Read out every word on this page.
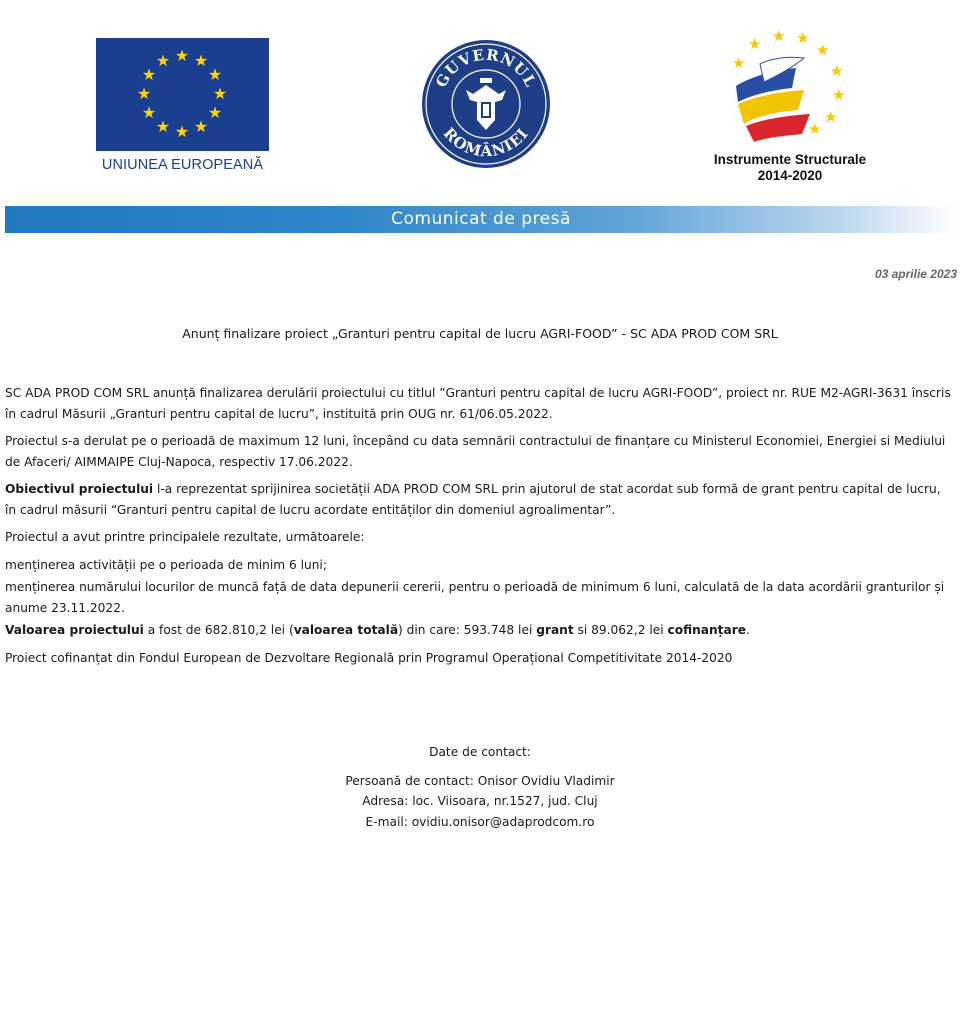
★ ★
★
★
★
★
★
★
★
★
★
★
UNIUNEA EUROPEANĂ
GUVERNUL
ROMÂNIEI
★ ★ ★
★
★
★
★
★
★
Instrumente Structurale
2014-2020
Comunicat de presă
03 aprilie 2023
Anunț finalizare proiect „Granturi pentru capital de lucru AGRI-FOOD” - SC ADA PROD COM SRL

SC ADA PROD COM SRL anunță finalizarea derulării proiectului cu titlul ”Granturi pentru capital de lucru AGRI-FOOD”, proiect nr. RUE M2-AGRI-3631 înscris în cadrul Măsurii „Granturi pentru capital de lucru”, instituită prin OUG nr. 61/06.05.2022.

Proiectul s-a derulat pe o perioadă de maximum 12 luni, începând cu data semnării contractului de finanțare cu Ministerul Economiei, Energiei si Mediului de Afaceri/ AIMMAIPE Cluj-Napoca, respectiv 17.06.2022.

Obiectivul proiectului l-a reprezentat sprijinirea societății ADA PROD COM SRL prin ajutorul de stat acordat sub formă de grant pentru capital de lucru, în cadrul măsurii “Granturi pentru capital de lucru acordate entităților din domeniul agroalimentar”.

Proiectul a avut printre principalele rezultate, următoarele:

menținerea activității pe o perioada de minim 6 luni;

menținerea numărului locurilor de muncă față de data depunerii cererii, pentru o perioadă de minimum 6 luni, calculată de la data acordării granturilor și anume 23.11.2022.

Valoarea proiectului a fost de 682.810,2 lei (valoarea totală) din care: 593.748 lei grant si 89.062,2 lei cofinanțare.

Proiect cofinanțat din Fondul European de Dezvoltare Regională prin Programul Operațional Competitivitate 2014-2020

Date de contact:
Persoană de contact: Onisor Ovidiu Vladimir
Adresa: loc. Viisoara, nr.1527, jud. Cluj
E-mail: ovidiu.onisor@adaprodcom.ro
